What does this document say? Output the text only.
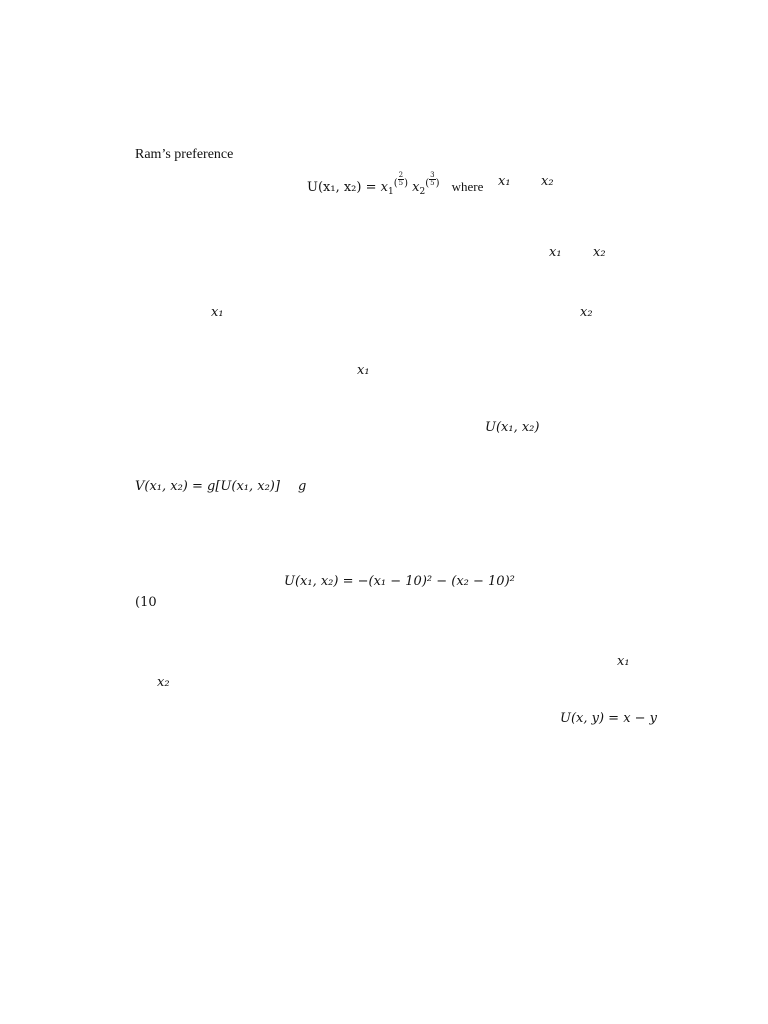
Ram’s preference
U(x₁, $x_2) = x_1^( \frac{2}{5} ^)$ $x_2^( \frac{3}{5} ^)$ where	x₁ x₂
x₁ x₂
x₁	x₂
x₁
U(x₁, x₂)
V(x₁, x₂) = g[U(x₁, x₂)] g
U(x₁, x₂) = −(x₁ − 10)² − (x₂ − 10)²
(10
x₁
x₂
U(x, y) = x − y
